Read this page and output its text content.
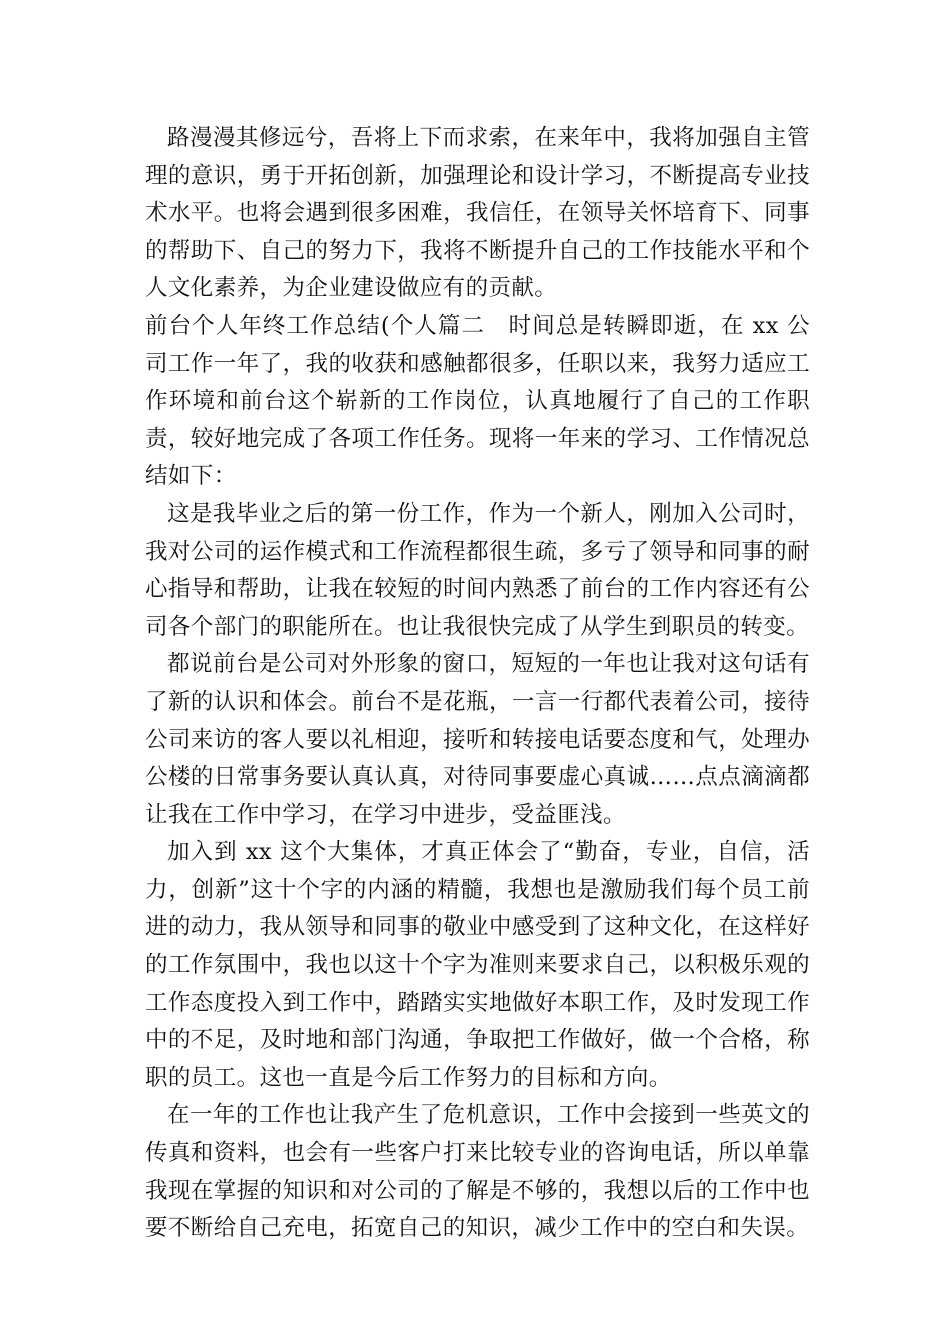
路漫漫其修远兮，吾将上下而求索，在来年中，我将加强自主管理的意识，勇于开拓创新，加强理论和设计学习，不断提高专业技术水平。也将会遇到很多困难，我信任，在领导关怀培育下、同事的帮助下、自己的努力下，我将不断提升自己的工作技能水平和个人文化素养，为企业建设做应有的贡献。

前台个人年终工作总结(个人篇二　时间总是转瞬即逝，在 xx 公司工作一年了，我的收获和感触都很多，任职以来，我努力适应工作环境和前台这个崭新的工作岗位，认真地履行了自己的工作职责，较好地完成了各项工作任务。现将一年来的学习、工作情况总结如下：

这是我毕业之后的第一份工作，作为一个新人，刚加入公司时，我对公司的运作模式和工作流程都很生疏，多亏了领导和同事的耐心指导和帮助，让我在较短的时间内熟悉了前台的工作内容还有公司各个部门的职能所在。也让我很快完成了从学生到职员的转变。

都说前台是公司对外形象的窗口，短短的一年也让我对这句话有了新的认识和体会。前台不是花瓶，一言一行都代表着公司，接待公司来访的客人要以礼相迎，接听和转接电话要态度和气，处理办公楼的日常事务要认真认真，对待同事要虚心真诚……点点滴滴都让我在工作中学习，在学习中进步，受益匪浅。

加入到 xx 这个大集体，才真正体会了“勤奋，专业，自信，活力，创新”这十个字的内涵的精髓，我想也是激励我们每个员工前进的动力，我从领导和同事的敬业中感受到了这种文化，在这样好的工作氛围中，我也以这十个字为准则来要求自己，以积极乐观的工作态度投入到工作中，踏踏实实地做好本职工作，及时发现工作中的不足，及时地和部门沟通，争取把工作做好，做一个合格，称职的员工。这也一直是今后工作努力的目标和方向。

在一年的工作也让我产生了危机意识，工作中会接到一些英文的传真和资料，也会有一些客户打来比较专业的咨询电话，所以单靠我现在掌握的知识和对公司的了解是不够的，我想以后的工作中也要不断给自己充电，拓宽自己的知识，减少工作中的空白和失误。
